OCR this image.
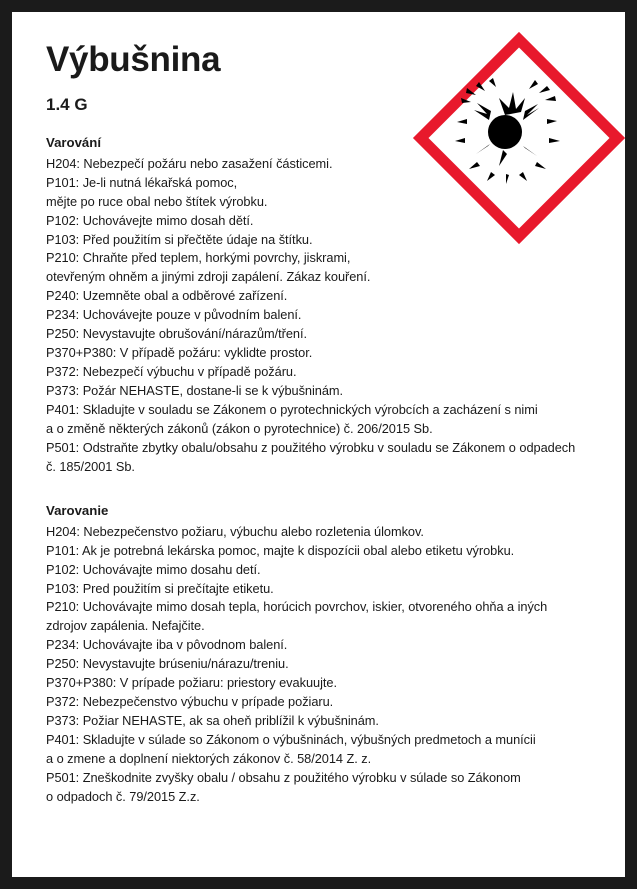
Výbušnina
1.4 G
Varování
H204: Nebezpečí požáru nebo zasažení částicemi.
P101: Je-li nutná lékařská pomoc,
mějte po ruce obal nebo štítek výrobku.
P102: Uchovávejte mimo dosah dětí.
P103: Před použitím si přečtěte údaje na štítku.
P210: Chraňte před teplem, horkými povrchy, jiskrami,
otevřeným ohněm a jinými zdroji zapálení. Zákaz kouření.
P240: Uzemněte obal a odběrové zařízení.
P234: Uchovávejte pouze v původním balení.
P250: Nevystavujte obrušování/nárazům/tření.
P370+P380: V případě požáru: vyklidte prostor.
P372: Nebezpečí výbuchu v případě požáru.
P373: Požár NEHASTE, dostane-li se k výbušninám.
P401: Skladujte v souladu se Zákonem o pyrotechnických výrobcích a zacházení s nimi
a o změně některých zákonů (zákon o pyrotechnice) č. 206/2015 Sb.
P501: Odstraňte zbytky obalu/obsahu z použitého výrobku v souladu se Zákonem o odpadech
č. 185/2001 Sb.
Varovanie
H204: Nebezpečenstvo požiaru, výbuchu alebo rozletenia úlomkov.
P101: Ak je potrebná lekárska pomoc, majte k dispozícii obal alebo etiketu výrobku.
P102: Uchovávajte mimo dosahu detí.
P103: Pred použitím si prečítajte etiketu.
P210: Uchovávajte mimo dosah tepla, horúcich povrchov, iskier, otvoreného ohňa a iných
zdrojov zapálenia. Nefajčite.
P234: Uchovávajte iba v pôvodnom balení.
P250: Nevystavujte brúseniu/nárazu/treniu.
P370+P380: V prípade požiaru: priestory evakuujte.
P372: Nebezpečenstvo výbuchu v prípade požiaru.
P373: Požiar NEHASTE, ak sa oheň priblížil k výbušninám.
P401: Skladujte v súlade so Zákonom o výbušninách, výbušných predmetoch a munícii
a o zmene a doplnení niektorých zákonov č. 58/2014 Z. z.
P501: Zneškodnite zvyšky obalu / obsahu z použitého výrobku v súlade so Zákonom
o odpadoch č. 79/2015 Z.z.
